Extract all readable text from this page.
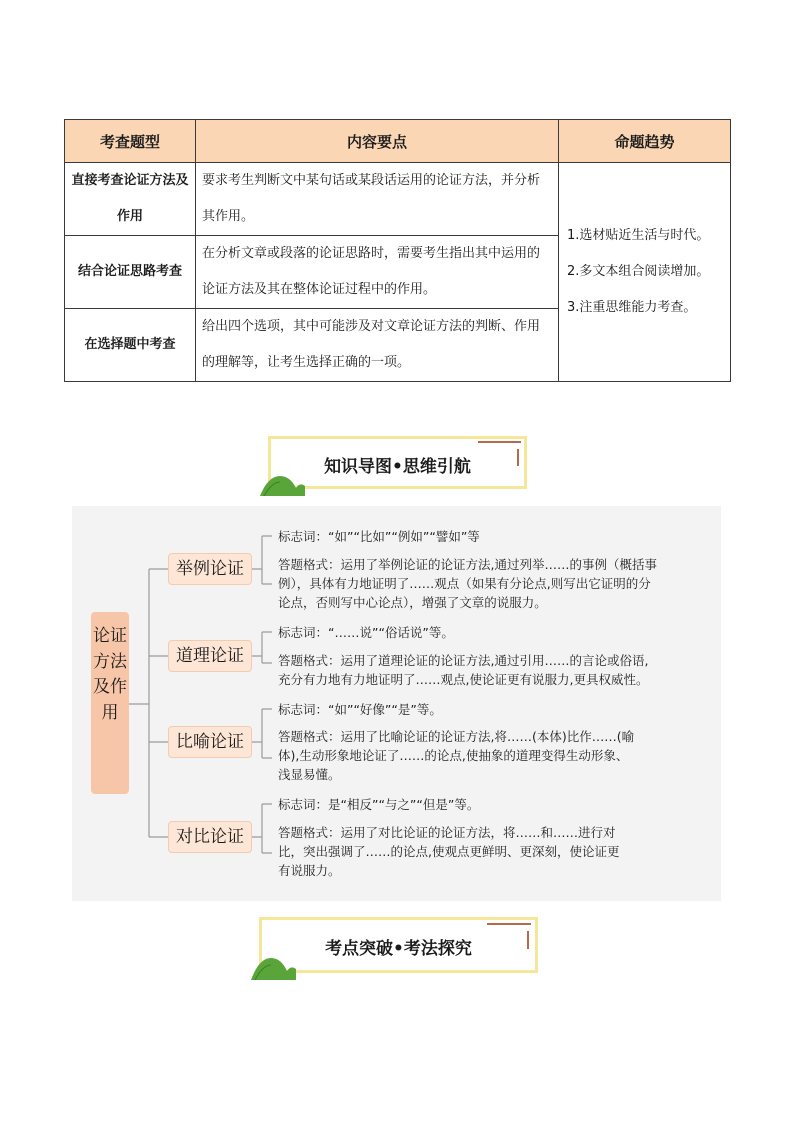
考查题型	内容要点	命题趋势
直接考查论证方法及作用	要求考生判断文中某句话或某段话运用的论证方法，并分析其作用。	1.选材贴近生活与时代。
2.多文本组合阅读增加。
3.注重思维能力考查。

结合论证思路考查	在分析文章或段落的论证思路时，需要考生指出其中运用的论证方法及其在整体论证过程中的作用。	
在选择题中考查	给出四个选项，其中可能涉及对文章论证方法的判断、作用的理解等，让考生选择正确的一项。	
知识导图•思维引航
论证方法及作用
举例论证
道理论证
比喻论证
对比论证
标志词：“如”“比如”“例如”“譬如”等
答题格式：运用了举例论证的论证方法,通过列举……的事例（概括事
例），具体有力地证明了……观点（如果有分论点,则写出它证明的分
论点，否则写中心论点），增强了文章的说服力。
标志词：“……说”“俗话说”等。
答题格式：运用了道理论证的论证方法,通过引用……的言论或俗语,
充分有力地有力地证明了……观点,使论证更有说服力,更具权威性。
标志词：“如”“好像”“是”等。
答题格式：运用了比喻论证的论证方法,将……(本体)比作……(喻
体),生动形象地论证了……的论点,使抽象的道理变得生动形象、
浅显易懂。
标志词：是“相反”“与之”“但是”等。
答题格式：运用了对比论证的论证方法，将……和……进行对
比，突出强调了……的论点,使观点更鲜明、更深刻，使论证更
有说服力。
考点突破•考法探究
